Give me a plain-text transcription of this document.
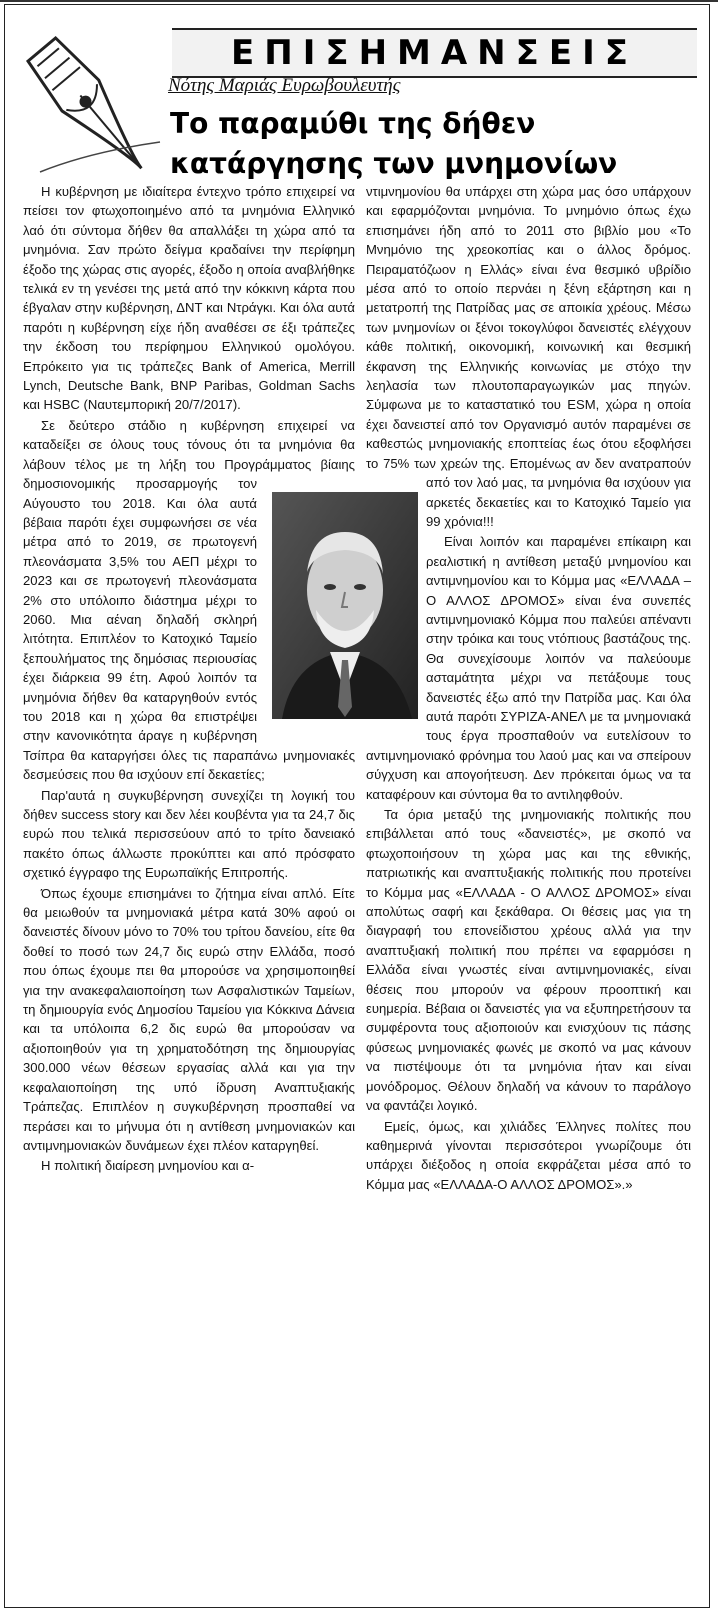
ΕΠΙΣΗΜΑΝΣΕΙΣ
Νότης Μαριάς Ευρωβουλευτής
Το παραμύθι της δήθεν
κατάργησης των μνημονίων

Η κυβέρνηση με ιδιαίτερα έντεχνο τρόπο επιχειρεί να πείσει τον φτωχοποιημένο από τα μνημόνια Ελληνικό λαό ότι σύντομα δήθεν θα απαλλάξει τη χώρα από τα μνημόνια. Σαν πρώτο δείγμα κραδαίνει την περίφημη έξοδο της χώρας στις αγορές, έξοδο η οποία αναβλήθηκε τελικά εν τη γενέσει της μετά από την κόκκινη κάρτα που έβγαλαν στην κυβέρνηση, ΔΝΤ και Ντράγκι. Και όλα αυτά παρότι η κυβέρνηση είχε ήδη αναθέσει σε έξι τράπεζες την έκδοση του περίφημου Ελληνικού ομολόγου. Επρόκειτο για τις τράπεζες Bank of America, Merrill Lynch, Deutsche Bank, BNP Paribas, Goldman Sachs και HSBC (Ναυτεμπορική 20/7/2017).

Σε δεύτερο στάδιο η κυβέρνηση επιχειρεί να καταδείξει σε όλους τους τόνους ότι τα μνημόνια θα λάβουν τέλος με τη λήξη του Προγράμματος βίαιης δημοσιονομικής προσαρμογής τον Αύγουστο του 2018. Και όλα αυτά βέβαια παρότι έχει συμφωνήσει σε νέα μέτρα από το 2019, σε πρωτογενή πλεονάσματα 3,5% του ΑΕΠ μέχρι το 2023 και σε πρωτογενή πλεονάσματα 2% στο υπόλοιπο διάστημα μέχρι το 2060. Μια αέναη δηλαδή σκληρή λιτότητα. Επιπλέον το Κατοχικό Ταμείο ξεπουλήματος της δημόσιας περιουσίας έχει διάρκεια 99 έτη. Αφού λοιπόν τα μνημόνια δήθεν θα καταργηθούν εντός του 2018 και η χώρα θα επιστρέψει στην κανονικότητα άραγε η κυβέρνηση Τσίπρα θα καταργήσει όλες τις παραπάνω μνημονιακές δεσμεύσεις που θα ισχύουν επί δεκαετίες;

Παρ'αυτά η συγκυβέρνηση συνεχίζει τη λογική του δήθεν success story και δεν λέει κουβέντα για τα 24,7 δις ευρώ που τελικά περισσεύουν από το τρίτο δανειακό πακέτο όπως άλλωστε προκύπτει και από πρόσφατο σχετικό έγγραφο της Ευρωπαϊκής Επιτροπής.

Όπως έχουμε επισημάνει το ζήτημα είναι απλό. Είτε θα μειωθούν τα μνημονιακά μέτρα κατά 30% αφού οι δανειστές δίνουν μόνο το 70% του τρίτου δανείου, είτε θα δοθεί το ποσό των 24,7 δις ευρώ στην Ελλάδα, ποσό που όπως έχουμε πει θα μπορούσε να χρησιμοποιηθεί για την ανακεφαλαιοποίηση των Ασφαλιστικών Ταμείων, τη δημιουργία ενός Δημοσίου Ταμείου για Κόκκινα Δάνεια και τα υπόλοιπα 6,2 δις ευρώ θα μπορούσαν να αξιοποιηθούν για τη χρηματοδότηση της δημιουργίας 300.000 νέων θέσεων εργασίας αλλά και για την κεφαλαιοποίηση της υπό ίδρυση Αναπτυξιακής Τράπεζας. Επιπλέον η συγκυβέρνηση προσπαθεί να περάσει και το μήνυμα ότι η αντίθεση μνημονιακών και αντιμνημονιακών δυνάμεων έχει πλέον καταργηθεί.

Η πολιτική διαίρεση μνημονίου και α-

ντιμνημονίου θα υπάρχει στη χώρα μας όσο υπάρχουν και εφαρμόζονται μνημόνια. Το μνημόνιο όπως έχω επισημάνει ήδη από το 2011 στο βιβλίο μου «Το Μνημόνιο της χρεοκοπίας και ο άλλος δρόμος. Πειραματόζωον η Ελλάς» είναι ένα θεσμικό υβρίδιο μέσα από το οποίο περνάει η ξένη εξάρτηση και η μετατροπή της Πατρίδας μας σε αποικία χρέους. Μέσω των μνημονίων οι ξένοι τοκογλύφοι δανειστές ελέγχουν κάθε πολιτική, οικονομική, κοινωνική και θεσμική έκφανση της Ελληνικής κοινωνίας με στόχο την λεηλασία των πλουτοπαραγωγικών μας πηγών. Σύμφωνα με το καταστατικό του ESM, χώρα η οποία έχει δανειστεί από τον Οργανισμό αυτόν παραμένει σε καθεστώς μνημονιακής εποπτείας έως ότου εξοφλήσει το 75% των χρεών της. Επομένως αν δεν ανατραπούν από τον λαό μας, τα μνημόνια θα ισχύουν για αρκετές δεκαετίες και το Κατοχικό Ταμείο για 99 χρόνια!!!

Είναι λοιπόν και παραμένει επίκαιρη και ρεαλιστική η αντίθεση μεταξύ μνημονίου και αντιμνημονίου και το Κόμμα μας «ΕΛΛΑΔΑ – Ο ΑΛΛΟΣ ΔΡΟΜΟΣ» είναι ένα συνεπές αντιμνημονιακό Κόμμα που παλεύει απέναντι στην τρόικα και τους ντόπιους βαστάζους της. Θα συνεχίσουμε λοιπόν να παλεύουμε ασταμάτητα μέχρι να πετάξουμε τους δανειστές έξω από την Πατρίδα μας. Και όλα αυτά παρότι ΣΥΡΙΖΑ-ΑΝΕΛ με τα μνημονιακά τους έργα προσπαθούν να ευτελίσουν το αντιμνημονιακό φρόνημα του λαού μας και να σπείρουν σύγχυση και απογοήτευση. Δεν πρόκειται όμως να τα καταφέρουν και σύντομα θα το αντιληφθούν.

Τα όρια μεταξύ της μνημονιακής πολιτικής που επιβάλλεται από τους «δανειστές», με σκοπό να φτωχοποιήσουν τη χώρα μας και της εθνικής, πατριωτικής και αναπτυξιακής πολιτικής που προτείνει το Κόμμα μας «ΕΛΛΑΔΑ - Ο ΑΛΛΟΣ ΔΡΟΜΟΣ» είναι απολύτως σαφή και ξεκάθαρα. Οι θέσεις μας για τη διαγραφή του επονείδιστου χρέους αλλά για την αναπτυξιακή πολιτική που πρέπει να εφαρμόσει η Ελλάδα είναι γνωστές είναι αντιμνημονιακές, είναι θέσεις που μπορούν να φέρουν προοπτική και ευημερία. Βέβαια οι δανειστές για να εξυπηρετήσουν τα συμφέροντα τους αξιοποιούν και ενισχύουν τις πάσης φύσεως μνημονιακές φωνές με σκοπό να μας κάνουν να πιστέψουμε ότι τα μνημόνια ήταν και είναι μονόδρομος. Θέλουν δηλαδή να κάνουν το παράλογο να φαντάζει λογικό.

Εμείς, όμως, και χιλιάδες Έλληνες πολίτες που καθημερινά γίνονται περισσότεροι γνωρίζουμε ότι υπάρχει διέξοδος η οποία εκφράζεται μέσα από το Κόμμα μας «ΕΛΛΑΔΑ-Ο ΑΛΛΟΣ ΔΡΟΜΟΣ».»
